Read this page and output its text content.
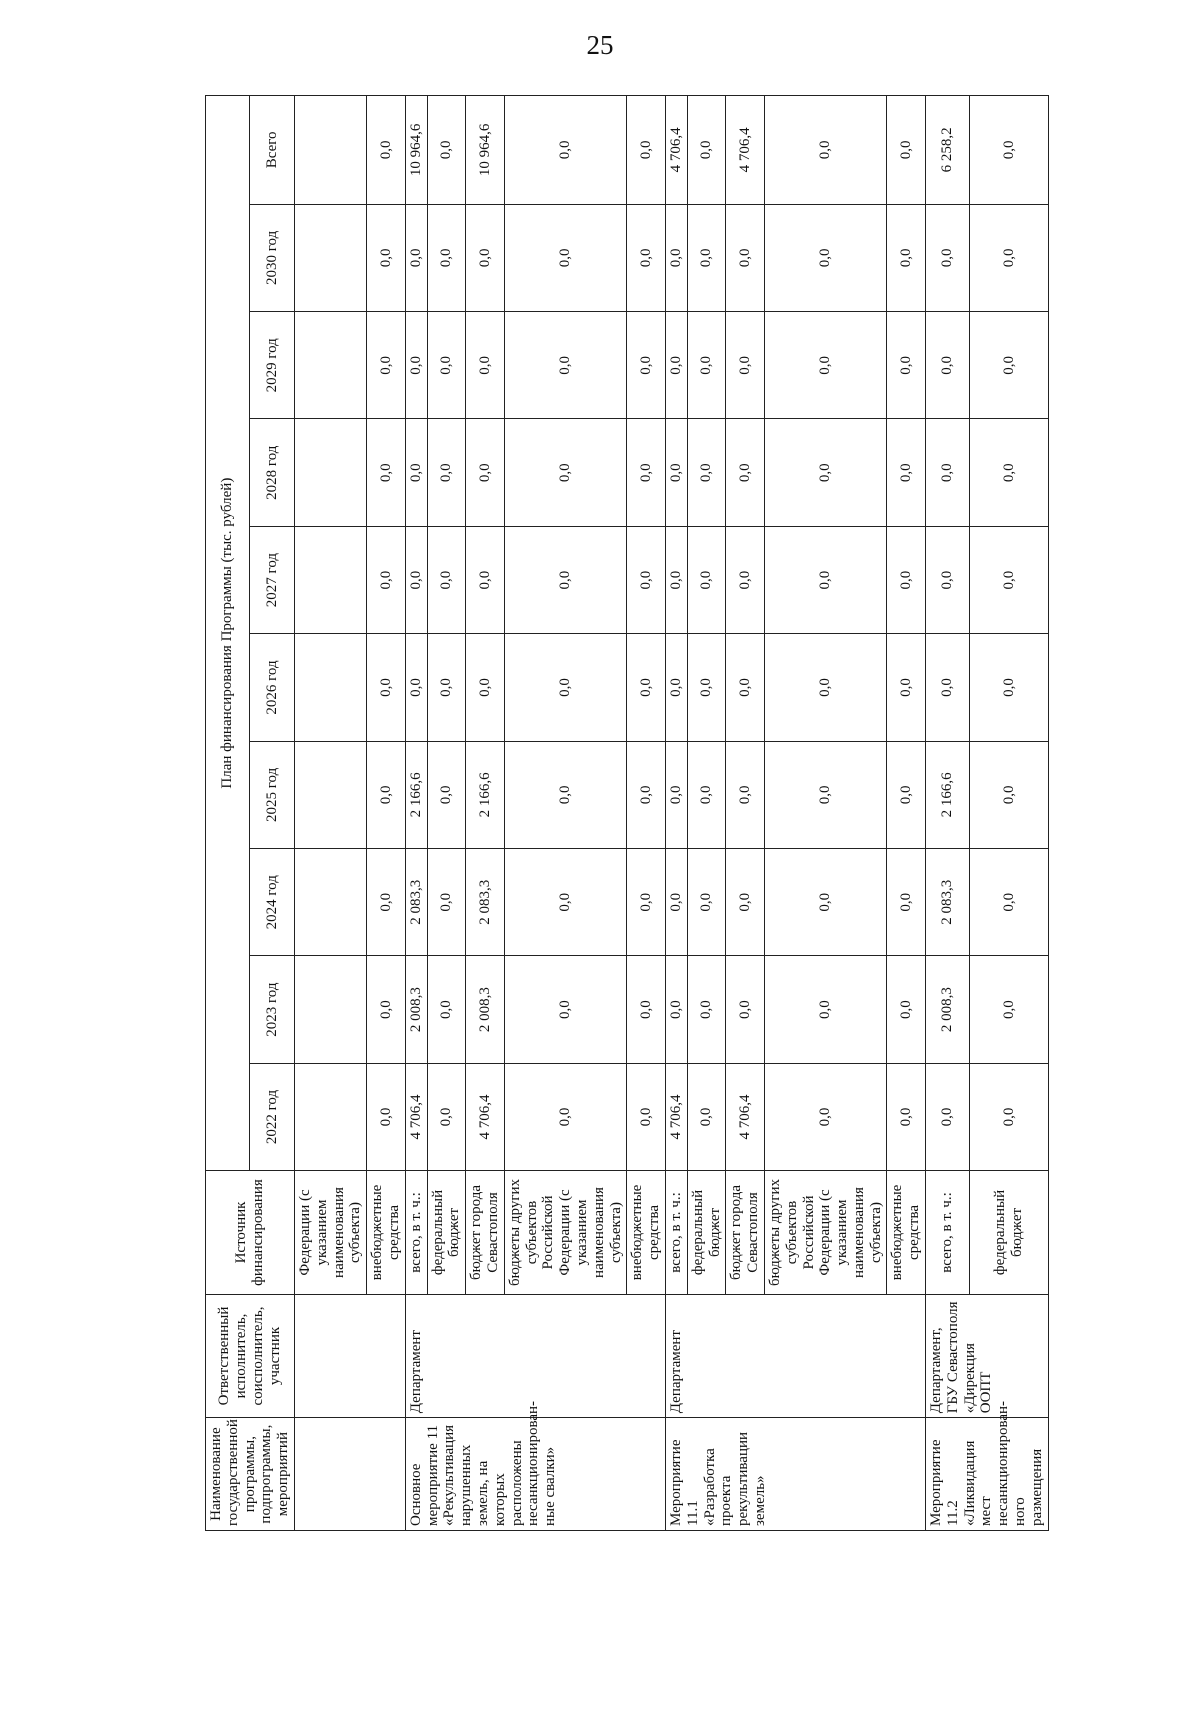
25
Наименование государственной программы, подпрограммы, мероприятий	Ответственный исполнитель, соисполнитель, участник	Источник финансирования	План финансирования Программы (тыс. рублей)									
			2022 год	2023 год	2024 год	2025 год	2026 год	2027 год	2028 год	2029 год	2030 год	Всего
		Федерации (с указанием наименования субъекта)										
		внебюджетные средства	0,0	0,0	0,0	0,0	0,0	0,0	0,0	0,0	0,0	0,0
Основное мероприятие 11 «Рекультивация нарушенных земель, на которых расположены несанкционирован-ные свалки»	Департамент	всего, в т. ч.:	4 706,4	2 008,3	2 083,3	2 166,6	0,0	0,0	0,0	0,0	0,0	10 964,6
		федеральный бюджет	0,0	0,0	0,0	0,0	0,0	0,0	0,0	0,0	0,0	0,0
		бюджет города Севастополя	4 706,4	2 008,3	2 083,3	2 166,6	0,0	0,0	0,0	0,0	0,0	10 964,6
		бюджеты других субъектов Российской Федерации (с указанием наименования субъекта)	0,0	0,0	0,0	0,0	0,0	0,0	0,0	0,0	0,0	0,0
		внебюджетные средства	0,0	0,0	0,0	0,0	0,0	0,0	0,0	0,0	0,0	0,0
Мероприятие 11.1 «Разработка проекта рекультивации земель»	Департамент	всего, в т. ч.:	4 706,4	0,0	0,0	0,0	0,0	0,0	0,0	0,0	0,0	4 706,4
		федеральный бюджет	0,0	0,0	0,0	0,0	0,0	0,0	0,0	0,0	0,0	0,0
		бюджет города Севастополя	4 706,4	0,0	0,0	0,0	0,0	0,0	0,0	0,0	0,0	4 706,4
		бюджеты других субъектов Российской Федерации (с указанием наименования субъекта)	0,0	0,0	0,0	0,0	0,0	0,0	0,0	0,0	0,0	0,0
		внебюджетные средства	0,0	0,0	0,0	0,0	0,0	0,0	0,0	0,0	0,0	0,0
Мероприятие 11.2 «Ликвидация мест несанкционирован-ного размещения	Департамент, ГБУ Севастополя «Дирекция ООПТ	всего, в т. ч.:	0,0	2 008,3	2 083,3	2 166,6	0,0	0,0	0,0	0,0	0,0	6 258,2
		федеральный бюджет	0,0	0,0	0,0	0,0	0,0	0,0	0,0	0,0	0,0	0,0
